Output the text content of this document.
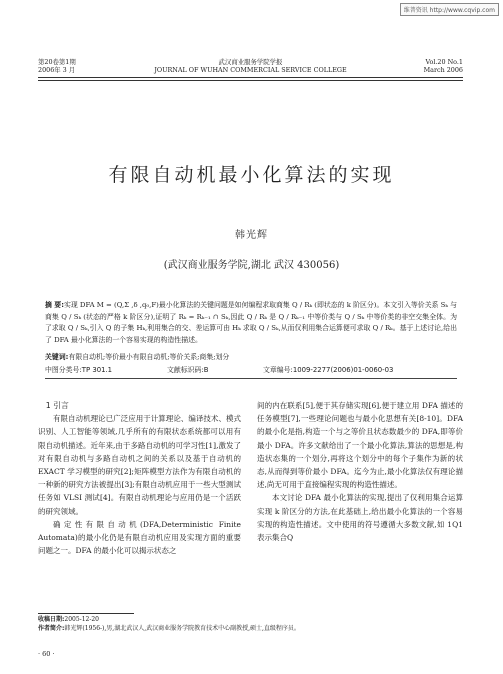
维普资讯 http://www.cqvip.com
第20卷第1期
2006年 3 月
武汉商业服务学院学报
JOURNAL OF WUHAN COMMERCIAL SERVICE COLLEGE
Vol.20 No.1
March 2006
有限自动机最小化算法的实现
韩光辉
(武汉商业服务学院,湖北 武汉 430056)
摘 要:实现 DFA M = (Q,Σ ,δ ,q₀,F)最小化算法的关键问题是如何编程求取商集 Q / Rₖ (即状态的 k 阶区分)。本文引入等价关系 Sₖ 与商集 Q / Sₖ (状态的严格 k 阶区分),证明了 Rₖ = Rₖ₋₁ ∩ Sₖ,因此 Q / Rₖ 是 Q / Rₖ₋₁ 中等价类与 Q / Sₖ 中等价类的非空交集全体。为了求取 Q / Sₖ,引入 Q 的子集 Hₖ,利用集合的交、差运算可由 Hₖ 求取 Q / Sₖ,从而仅利用集合运算便可求取 Q / Rₖ。基于上述讨论,给出了 DFA 最小化算法的一个容易实现的构造性描述。
关键词:有限自动机;等价最小有限自动机;等价关系;商集;划分
中图分类号:TP 301.1	文献标识码:B	文章编号:1009-2277(2006)01-0060-03
1 引言

有限自动机理论已广泛应用于计算理论、编译技术、模式识别、人工智能等领域,几乎所有的有限状态系统都可以用有限自动机描述。近年来,由于多路自动机的可学习性[1],激发了对有限自动机与多路自动机之间的关系以及基于自动机的 EXACT 学习模型的研究[2];矩阵模型方法作为有限自动机的一种新的研究方法被提出[3];有限自动机应用于一些大型测试任务如 VLSI 测试[4]。有限自动机理论与应用仍是一个活跃的研究领域。

确定性有限自动机(DFA,Deterministic Finite Automata)的最小化仍是有限自动机应用及实现方面的重要问题之一。DFA 的最小化可以揭示状态之

间的内在联系[5],便于其存储实现[6],便于建立用 DFA 描述的任务模型[7],一些理论问题也与最小化思想有关[8-10]。DFA 的最小化是指,构造一个与之等价且状态数最少的 DFA,即等价最小 DFA。许多文献给出了一个最小化算法,算法的思想是,构造状态集的一个划分,再将这个划分中的每个子集作为新的状态,从而得到等价最小 DFA。迄今为止,最小化算法仅有理论描述,尚无可用于直接编程实现的构造性描述。

本文讨论 DFA 最小化算法的实现,提出了仅利用集合运算实现 k 阶区分的方法,在此基础上,给出最小化算法的一个容易实现的构造性描述。文中使用的符号遵循大多数文献,如 1Q1 表示集合Q

收稿日期:2005-12-20
作者简介:韩光辉(1956-),男,湖北武汉人,武汉商业服务学院教育技术中心副教授,硕士,直级程序员。
· 60 ·
